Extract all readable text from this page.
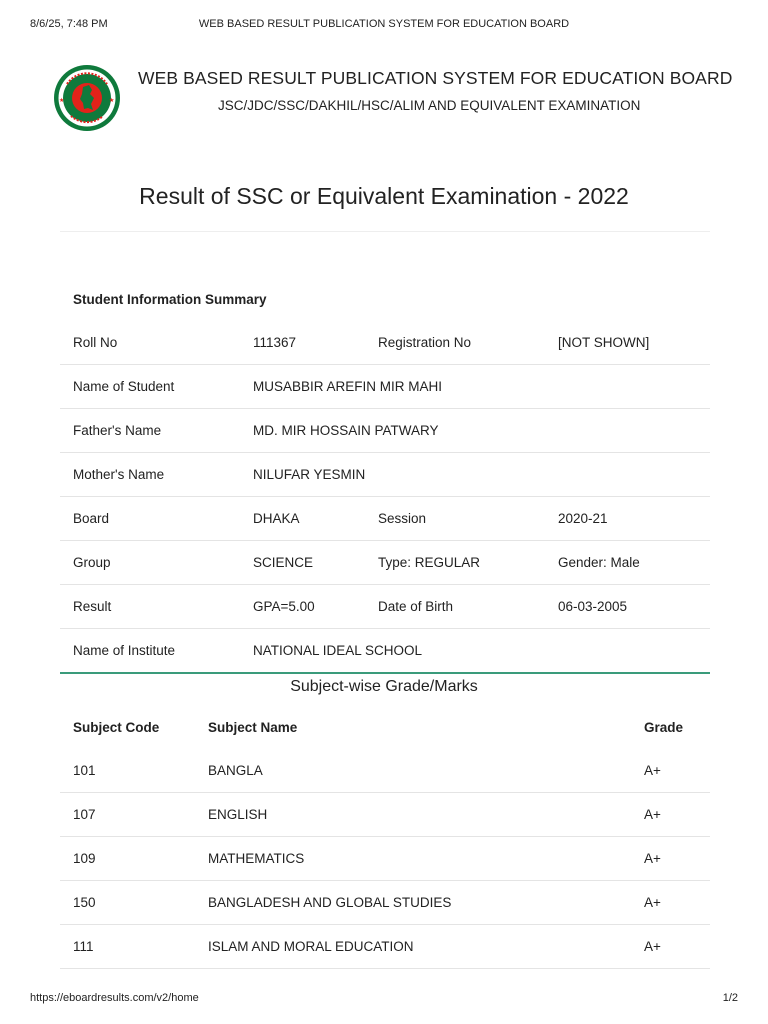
8/6/25, 7:48 PM	WEB BASED RESULT PUBLICATION SYSTEM FOR EDUCATION BOARD
★	★
WEB BASED RESULT PUBLICATION SYSTEM FOR EDUCATION BOARD
JSC/JDC/SSC/DAKHIL/HSC/ALIM AND EQUIVALENT EXAMINATION
Result of SSC or Equivalent Examination - 2022
Student Information Summary
Roll No	111367	Registration No	[NOT SHOWN]
Name of Student	MUSABBIR AREFIN MIR MAHI
Father's Name	MD. MIR HOSSAIN PATWARY
Mother's Name	NILUFAR YESMIN
Board	DHAKA	Session	2020-21
Group	SCIENCE	Type: REGULAR	Gender: Male
Result	GPA=5.00	Date of Birth	06-03-2005
Name of Institute	NATIONAL IDEAL SCHOOL
Subject-wise Grade/Marks
Subject Code	Subject Name	Grade
101	BANGLA	A+
107	ENGLISH	A+
109	MATHEMATICS	A+
150	BANGLADESH AND GLOBAL STUDIES	A+
111	ISLAM AND MORAL EDUCATION	A+
https://eboardresults.com/v2/home	1/2
